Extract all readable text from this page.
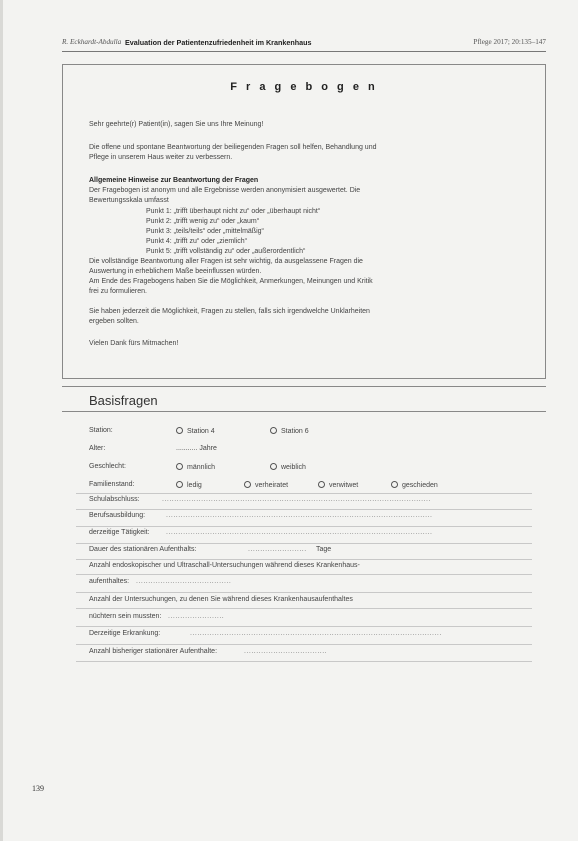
R. Eckhardt-Abdulla Evaluation der Patientenzufriedenheit im Krankenhaus	Pflege 2017; 20:135–147
F r a g e b o g e n
Sehr geehrte(r) Patient(in), sagen Sie uns Ihre Meinung!
Die offene und spontane Beantwortung der beiliegenden Fragen soll helfen, Behandlung und
Pflege in unserem Haus weiter zu verbessern.
Allgemeine Hinweise zur Beantwortung der Fragen
Der Fragebogen ist anonym und alle Ergebnisse werden anonymisiert ausgewertet. Die
Bewertungsskala umfasst
Punkt 1: „trifft überhaupt nicht zu“ oder „überhaupt nicht“
Punkt 2: „trifft wenig zu“ oder „kaum“
Punkt 3: „teils/teils“ oder „mittelmäßig“
Punkt 4: „trifft zu“ oder „ziemlich“
Punkt 5: „trifft vollständig zu“ oder „außerordentlich“
Die vollständige Beantwortung aller Fragen ist sehr wichtig, da ausgelassene Fragen die
Auswertung in erheblichem Maße beeinflussen würden.
Am Ende des Fragebogens haben Sie die Möglichkeit, Anmerkungen, Meinungen und Kritik
frei zu formulieren.
Sie haben jederzeit die Möglichkeit, Fragen zu stellen, falls sich irgendwelche Unklarheiten
ergeben sollten.
Vielen Dank fürs Mitmachen!
Basisfragen
Station:	Station 4	Station 6
Alter:	........... Jahre
Geschlecht:	männlich	weiblich
Familienstand:	ledig	verheiratet	verwitwet	geschieden
Schulabschluss:	..............................................................................................................
Berufsausbildung:	.............................................................................................................
derzeitige Tätigkeit: .............................................................................................................
Dauer des stationären Aufenthalts:	........................ Tage
Anzahl endoskopischer und Ultraschall-Untersuchungen während dieses Krankenhaus-
aufenthaltes: .......................................
Anzahl der Untersuchungen, zu denen Sie während dieses Krankenhausaufenthaltes
nüchtern sein mussten: .......................
Derzeitige Erkrankung:	.......................................................................................................
Anzahl bisheriger stationärer Aufenthalte:	..................................
139
